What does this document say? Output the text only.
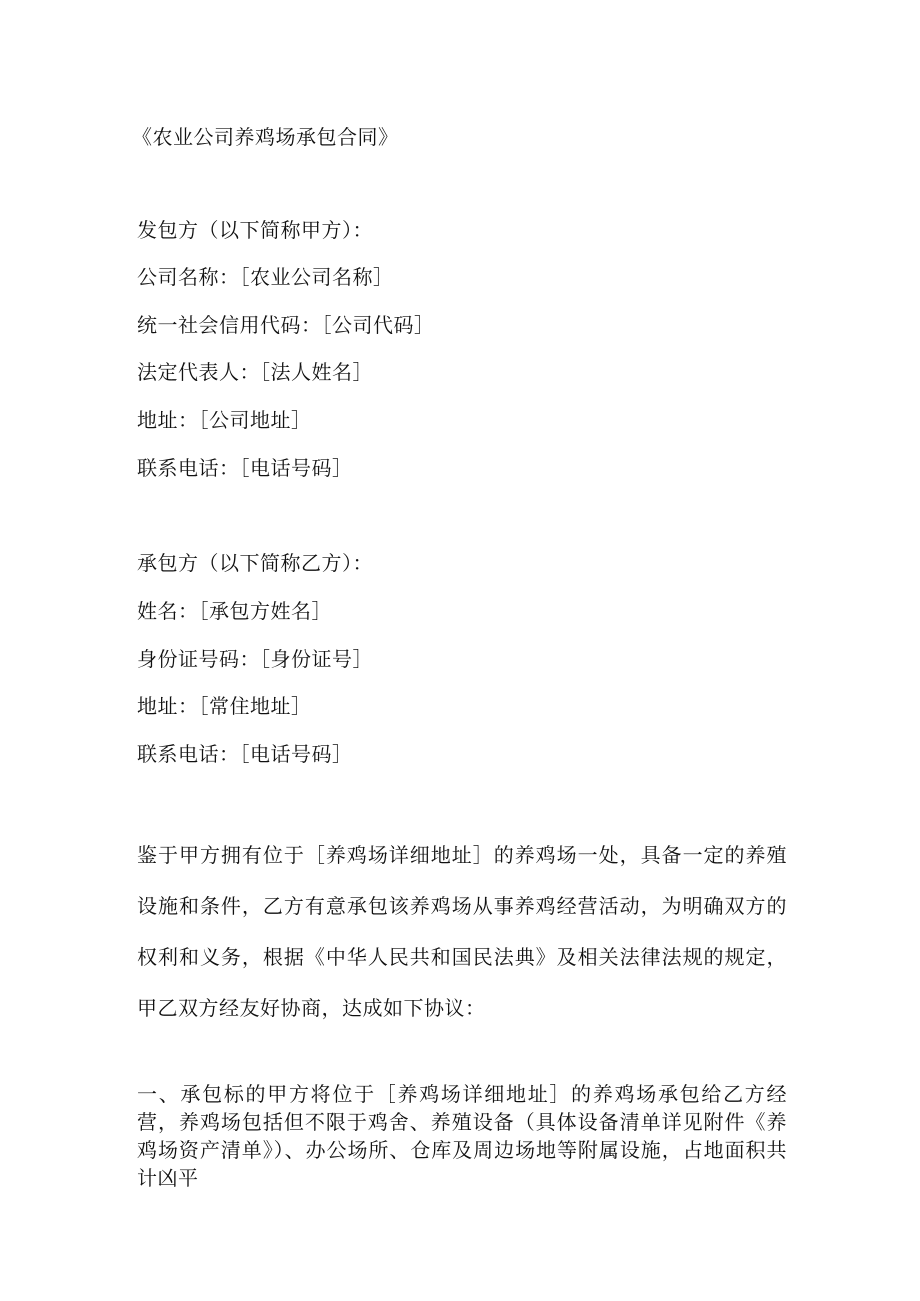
《农业公司养鸡场承包合同》
发包方（以下简称甲方）：
公司名称：［农业公司名称］
统一社会信用代码：［公司代码］
法定代表人：［法人姓名］
地址：［公司地址］
联系电话：［电话号码］
承包方（以下简称乙方）：
姓名：［承包方姓名］
身份证号码：［身份证号］
地址：［常住地址］
联系电话：［电话号码］
鉴于甲方拥有位于［养鸡场详细地址］的养鸡场一处，具备一定的养殖设施和条件，乙方有意承包该养鸡场从事养鸡经营活动，为明确双方的权利和义务，根据《中华人民共和国民法典》及相关法律法规的规定，甲乙双方经友好协商，达成如下协议：
一、承包标的甲方将位于［养鸡场详细地址］的养鸡场承包给乙方经营，养鸡场包括但不限于鸡舍、养殖设备（具体设备清单详见附件《养鸡场资产清单》）、办公场所、仓库及周边场地等附属设施，占地面积共计凶平
